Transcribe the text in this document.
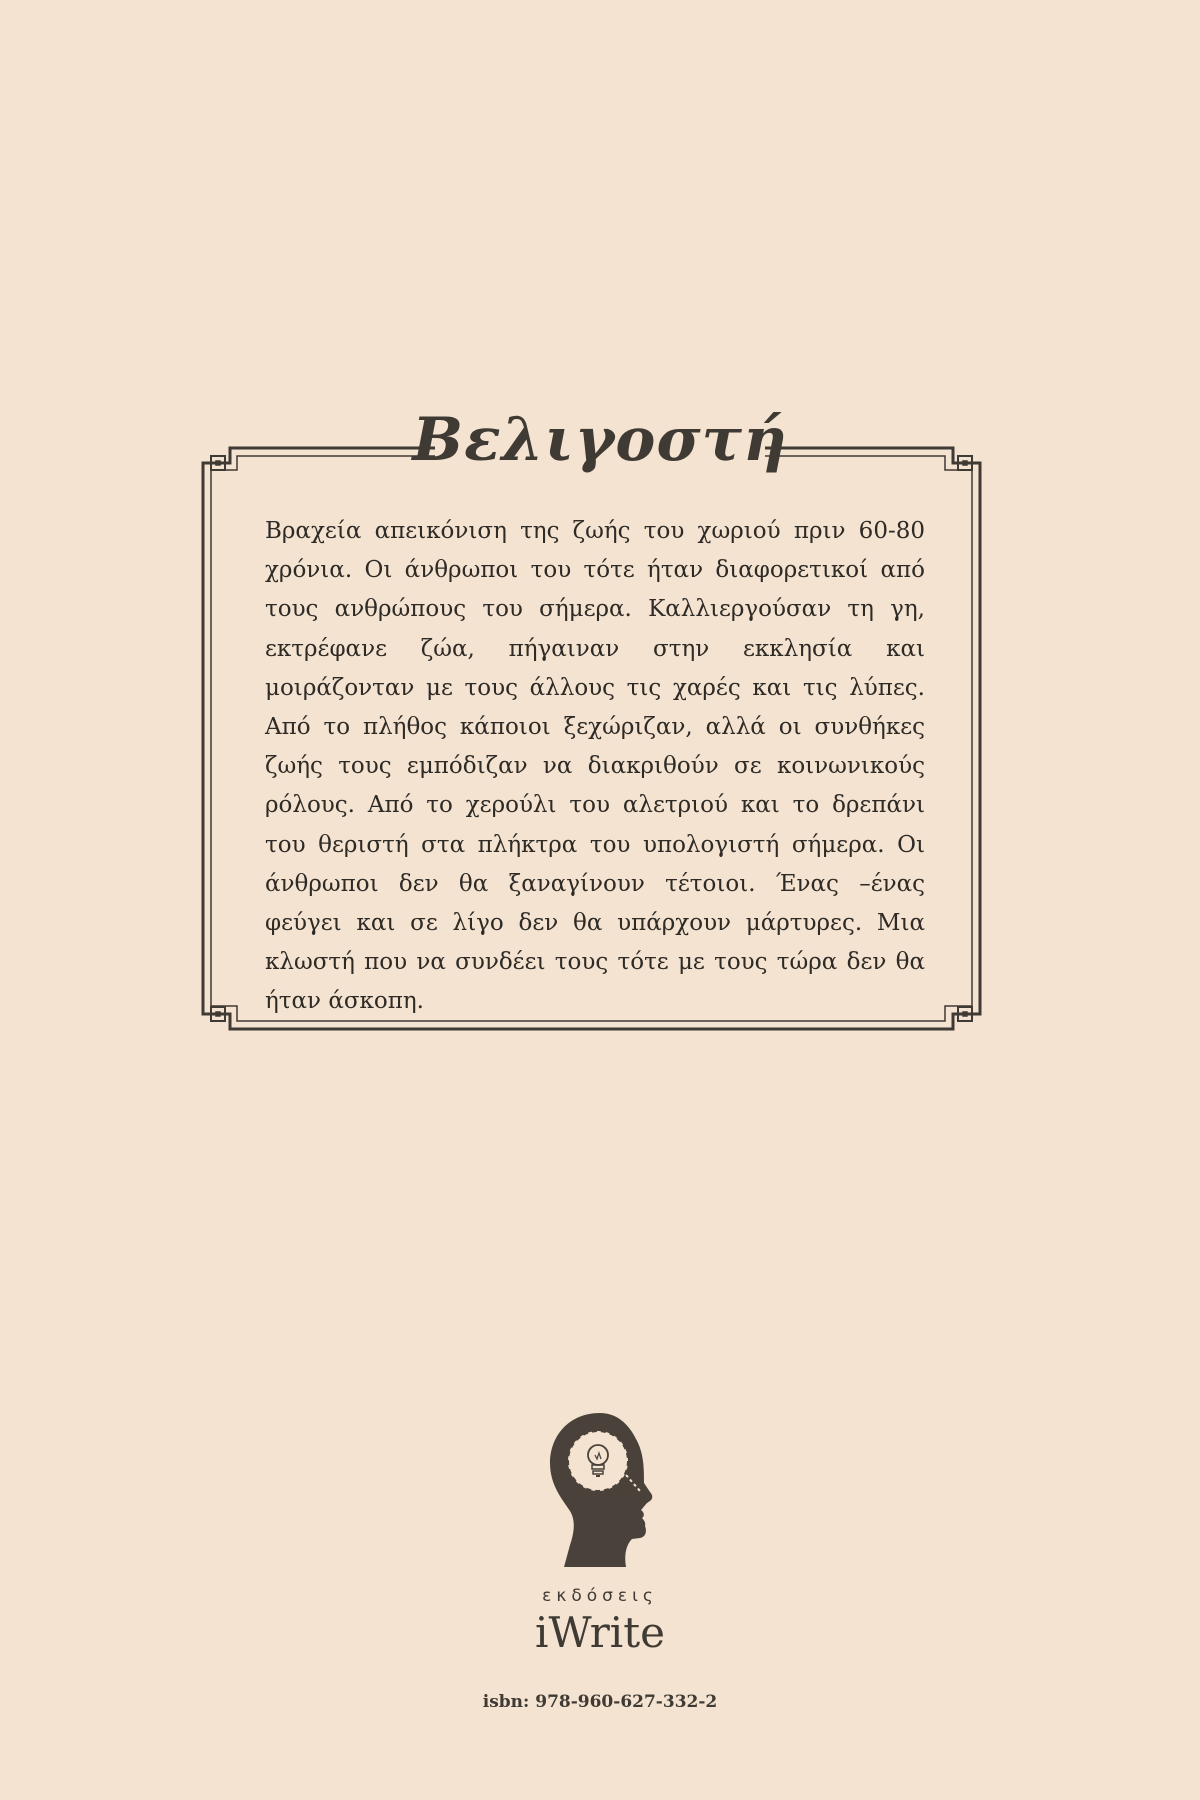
Βελιγοστή

Βραχεία απεικόνιση της ζωής του χωριού πριν 60-80 χρόνια. Οι άνθρωποι του τότε ήταν διαφορετικοί από τους ανθρώπους του σήμερα. Καλλιεργούσαν τη γη, εκτρέφανε ζώα, πήγαιναν στην εκκλησία και μοιράζονταν με τους άλλους τις χαρές και τις λύπες. Από το πλήθος κάποιοι ξεχώριζαν, αλλά οι συνθήκες ζωής τους εμπόδιζαν να διακριθούν σε κοινωνικούς ρόλους. Από το χερούλι του αλετριού και το δρεπάνι του θεριστή στα πλήκτρα του υπολογιστή σήμερα. Οι άνθρωποι δεν θα ξαναγίνουν τέτοιοι. Ένας –ένας φεύγει και σε λίγο δεν θα υπάρχουν μάρτυρες. Μια κλωστή που να συνδέει τους τότε με τους τώρα δεν θα ήταν άσκοπη.

εκδόσεις
iWrite
isbn: 978-960-627-332-2
